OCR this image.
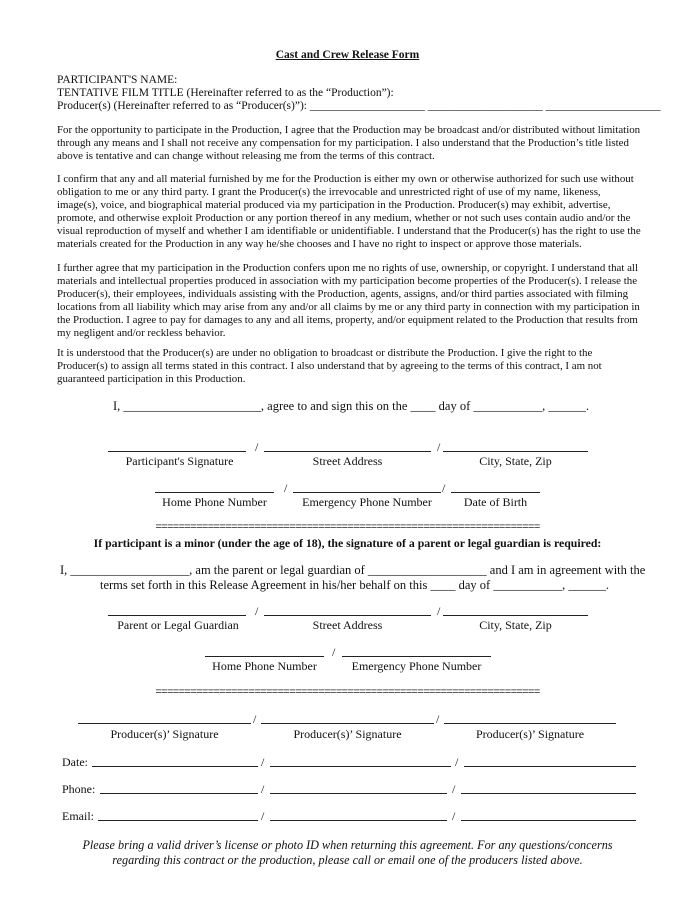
Cast and Crew Release Form
PARTICIPANT'S NAME:
TENTATIVE FILM TITLE (Hereinafter referred to as the “Production”):
Producer(s) (Hereinafter referred to as “Producer(s)”): ____________________ ____________________ ____________________
For the opportunity to participate in the Production, I agree that the Production may be broadcast and/or distributed without limitation
through any means and I shall not receive any compensation for my participation. I also understand that the Production’s title listed
above is tentative and can change without releasing me from the terms of this contract.
I confirm that any and all material furnished by me for the Production is either my own or otherwise authorized for such use without
obligation to me or any third party. I grant the Producer(s) the irrevocable and unrestricted right of use of my name, likeness,
image(s), voice, and biographical material produced via my participation in the Production. Producer(s) may exhibit, advertise,
promote, and otherwise exploit Production or any portion thereof in any medium, whether or not such uses contain audio and/or the
visual reproduction of myself and whether I am identifiable or unidentifiable. I understand that the Producer(s) has the right to use the
materials created for the Production in any way he/she chooses and I have no right to inspect or approve those materials.
I further agree that my participation in the Production confers upon me no rights of use, ownership, or copyright. I understand that all
materials and intellectual properties produced in association with my participation become properties of the Producer(s). I release the
Producer(s), their employees, individuals assisting with the Production, agents, assigns, and/or third parties associated with filming
locations from all liability which may arise from any and/or all claims by me or any third party in connection with my participation in
the Production. I agree to pay for damages to any and all items, property, and/or equipment related to the Production that results from
my negligent and/or reckless behavior.
It is understood that the Producer(s) are under no obligation to broadcast or distribute the Production. I give the right to the
Producer(s) to assign all terms stated in this contract. I also understand that by agreeing to the terms of this contract, I am not
guaranteed participation in this Production.
I, ______________________, agree to and sign this on the ____ day of ___________, ______.
/	/
Participant's Signature	Street Address	City, State, Zip
/	/
Home Phone Number	Emergency Phone Number	Date of Birth
==================================================================
If participant is a minor (under the age of 18), the signature of a parent or legal guardian is required:
I, ___________________, am the parent or legal guardian of ___________________ and I am in agreement with the
terms set forth in this Release Agreement in his/her behalf on this ____ day of ___________, ______.
/	/
Parent or Legal Guardian	Street Address	City, State, Zip
/
Home Phone Number	Emergency Phone Number
==================================================================
/	/
Producer(s)’ Signature	Producer(s)’ Signature	Producer(s)’ Signature
Date:	/	/
Phone:	/	/
Email:	/	/
Please bring a valid driver’s license or photo ID when returning this agreement. For any questions/concerns
regarding this contract or the production, please call or email one of the producers listed above.
